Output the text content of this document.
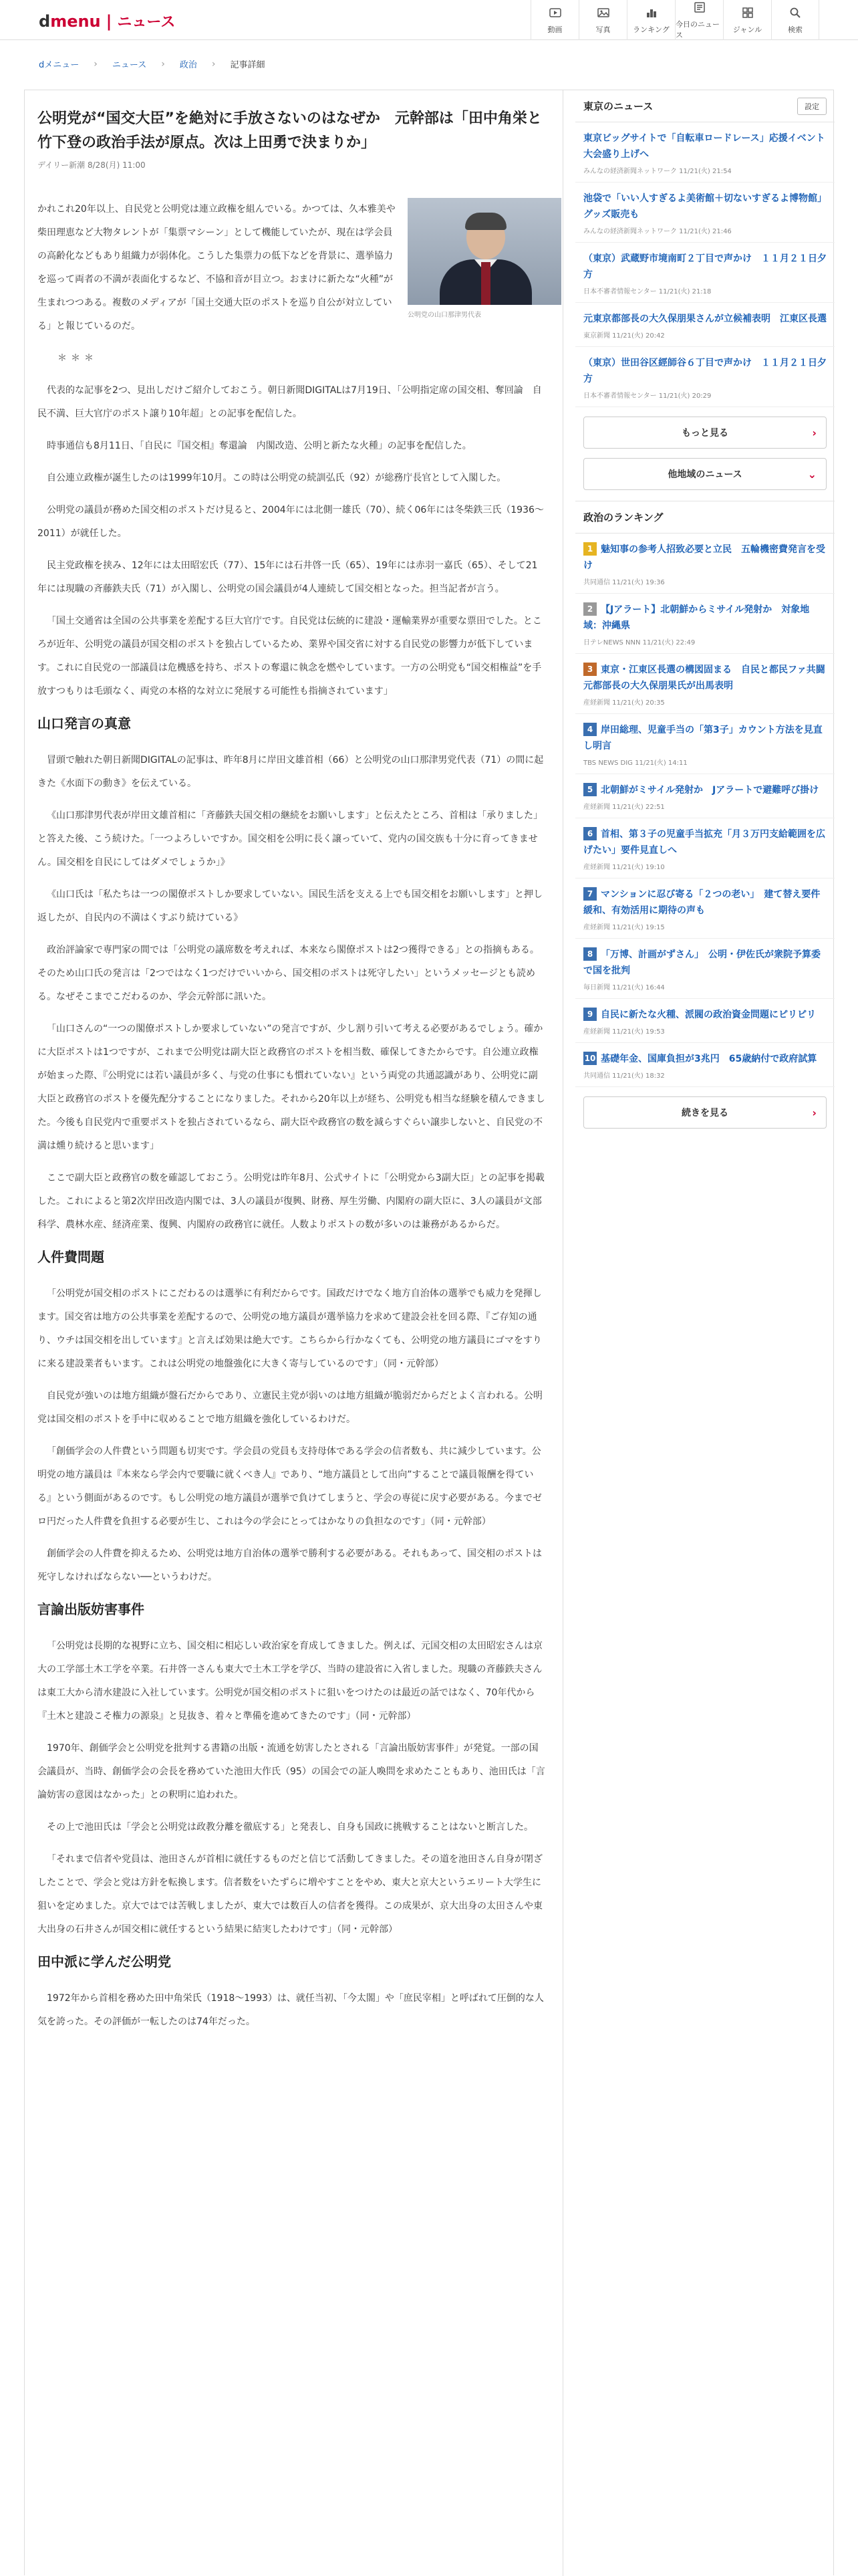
dmenu | ニュース	動画	写真	ランキング
今日のニュース
ジャンル	検索
dメニュー › ニュース › 政治 › 記事詳細
東京のニュース	設定
東京ビッグサイトで「自転車ロードレース」応援イベント　大会盛り上げへ
みんなの経済新聞ネットワーク 11/21(火) 21:54
池袋で「いい人すぎるよ美術館＋切ないすぎるよ博物館」　グッズ販売も
みんなの経済新聞ネットワーク 11/21(火) 21:46
（東京）武蔵野市境南町２丁目で声かけ　１１月２１日夕方
日本不審者情報センター 11/21(火) 21:18
元東京都部長の大久保朋果さんが立候補表明　江東区長選
東京新聞 11/21(火) 20:42
（東京）世田谷区經師谷６丁目で声かけ　１１月２１日夕方
日本不審者情報センター 11/21(火) 20:29
もっと見る	›
他地域のニュース	⌄
政治のランキング
1 魅知事の参考人招致必要と立民　五輪機密費発言を受け
共同通信 11/21(火) 19:36
2 【Jアラート】北朝鮮からミサイル発射か　対象地域：沖縄県
日テレNEWS NNN 11/21(火) 22:49
3 東京・江東区長選の構図固まる　自民と都民ファ共闘　元都部長の大久保朋果氏が出馬表明
産経新聞 11/21(火) 20:35
4 岸田総理、児童手当の「第3子」カウント方法を見直し明言
TBS NEWS DIG 11/21(火) 14:11
5 北朝鮮がミサイル発射か　Jアラートで避難呼び掛け
産経新聞 11/21(火) 22:51
6 首相、第３子の児童手当拡充「月３万円支給範囲を広げたい」要件見直しへ
産経新聞 11/21(火) 19:10
7 マンションに忍び寄る「２つの老い」　建て替え要件緩和、有効活用に期待の声も
産経新聞 11/21(火) 19:15
8 「万博、計画がずさん」　公明・伊佐氏が衆院予算委で国を批判
毎日新聞 11/21(火) 16:44
9 自民に新たな火種、派閥の政治資金問題にピリピリ
産経新聞 11/21(火) 19:53
10 基礎年金、国庫負担が3兆円　65歳納付で政府試算
共同通信 11/21(火) 18:32
続きを見る	›
公明党が“国交大臣”を絶対に手放さないのはなぜか　元幹部は「田中角栄と竹下登の政治手法が原点。次は上田勇で決まりか」
デイリー新潮 8/28(月) 11:00
公明党の山口那津男代表

かれこれ20年以上、自民党と公明党は連立政権を組んでいる。かつては、久本雅美や柴田理恵など大物タレントが「集票マシーン」として機能していたが、現在は学会員の高齢化などもあり組織力が弱体化。こうした集票力の低下などを背景に、選挙協力を巡って両者の不満が表面化するなど、不協和音が目立つ。おまけに新たな“火種”が生まれつつある。複数のメディアが「国土交通大臣のポストを巡り自公が対立している」と報じているのだ。

＊＊＊

代表的な記事を2つ、見出しだけご紹介しておこう。朝日新聞DIGITALは7月19日、「公明指定席の国交相、奪回論　自民不満、巨大官庁のポスト譲り10年超」との記事を配信した。

時事通信も8月11日、「自民に『国交相』奪還論　内閣改造、公明と新たな火種」の記事を配信した。

自公連立政権が誕生したのは1999年10月。この時は公明党の続訓弘氏（92）が総務庁長官として入閣した。

公明党の議員が務めた国交相のポストだけ見ると、2004年には北側一雄氏（70）、続く06年には冬柴鉄三氏（1936〜2011）が就任した。

民主党政権を挟み、12年には太田昭宏氏（77）、15年には石井啓一氏（65）、19年には赤羽一嘉氏（65）、そして21年には現職の斉藤鉄夫氏（71）が入閣し、公明党の国会議員が4人連続して国交相となった。担当記者が言う。

「国土交通省は全国の公共事業を差配する巨大官庁です。自民党は伝統的に建設・運輸業界が重要な票田でした。ところが近年、公明党の議員が国交相のポストを独占しているため、業界や国交省に対する自民党の影響力が低下しています。これに自民党の一部議員は危機感を持ち、ポストの奪還に執念を燃やしています。一方の公明党も“国交相権益”を手放すつもりは毛頭なく、両党の本格的な対立に発展する可能性も指摘されています」

山口発言の真意

冒頭で触れた朝日新聞DIGITALの記事は、昨年8月に岸田文雄首相（66）と公明党の山口那津男党代表（71）の間に起きた《水面下の動き》を伝えている。

《山口那津男代表が岸田文雄首相に「斉藤鉄夫国交相の継続をお願いします」と伝えたところ、首相は「承りました」と答えた後、こう続けた。「一つよろしいですか。国交相を公明に長く譲っていて、党内の国交族も十分に育ってきません。国交相を自民にしてはダメでしょうか」》

《山口氏は「私たちは一つの閣僚ポストしか要求していない。国民生活を支える上でも国交相をお願いします」と押し返したが、自民内の不満はくすぶり続けている》

政治評論家で専門家の間では「公明党の議席数を考えれば、本来なら閣僚ポストは2つ獲得できる」との指摘もある。そのため山口氏の発言は「2つではなく1つだけでいいから、国交相のポストは死守したい」というメッセージとも読める。なぜそこまでこだわるのか、学会元幹部に訊いた。

「山口さんの“一つの閣僚ポストしか要求していない”の発言ですが、少し割り引いて考える必要があるでしょう。確かに大臣ポストは1つですが、これまで公明党は副大臣と政務官のポストを相当数、確保してきたからです。自公連立政権が始まった際、『公明党には若い議員が多く、与党の仕事にも慣れていない』という両党の共通認識があり、公明党に副大臣と政務官のポストを優先配分することになりました。それから20年以上が経ち、公明党も相当な経験を積んできました。今後も自民党内で重要ポストを独占されているなら、副大臣や政務官の数を減らすぐらい譲歩しないと、自民党の不満は燻り続けると思います」

ここで副大臣と政務官の数を確認しておこう。公明党は昨年8月、公式サイトに「公明党から3副大臣」との記事を掲載した。これによると第2次岸田改造内閣では、3人の議員が復興、財務、厚生労働、内閣府の副大臣に、3人の議員が文部科学、農林水産、経済産業、復興、内閣府の政務官に就任。人数よりポストの数が多いのは兼務があるからだ。

人件費問題

「公明党が国交相のポストにこだわるのは選挙に有利だからです。国政だけでなく地方自治体の選挙でも威力を発揮します。国交省は地方の公共事業を差配するので、公明党の地方議員が選挙協力を求めて建設会社を回る際、『ご存知の通り、ウチは国交相を出しています』と言えば効果は絶大です。こちらから行かなくても、公明党の地方議員にゴマをすりに来る建設業者もいます。これは公明党の地盤強化に大きく寄与しているのです」（同・元幹部）

自民党が強いのは地方組織が盤石だからであり、立憲民主党が弱いのは地方組織が脆弱だからだとよく言われる。公明党は国交相のポストを手中に収めることで地方組織を強化しているわけだ。

「創価学会の人件費という問題も切実です。学会員の党員も支持母体である学会の信者数も、共に減少しています。公明党の地方議員は『本来なら学会内で要職に就くべき人』であり、“地方議員として出向”することで議員報酬を得ている』という側面があるのです。もし公明党の地方議員が選挙で負けてしまうと、学会の専従に戻す必要がある。今までゼロ円だった人件費を負担する必要が生じ、これは今の学会にとってはかなりの負担なのです」（同・元幹部）

創価学会の人件費を抑えるため、公明党は地方自治体の選挙で勝利する必要がある。それもあって、国交相のポストは死守しなければならない──というわけだ。

言論出版妨害事件

「公明党は長期的な視野に立ち、国交相に相応しい政治家を育成してきました。例えば、元国交相の太田昭宏さんは京大の工学部土木工学を卒業。石井啓一さんも東大で土木工学を学び、当時の建設省に入省しました。現職の斉藤鉄夫さんは東工大から清水建設に入社しています。公明党が国交相のポストに狙いをつけたのは最近の話ではなく、70年代から『土木と建設こそ権力の源泉』と見抜き、着々と準備を進めてきたのです」（同・元幹部）

1970年、創価学会と公明党を批判する書籍の出版・流通を妨害したとされる「言論出版妨害事件」が発覚。一部の国会議員が、当時、創価学会の会長を務めていた池田大作氏（95）の国会での証人喚問を求めたこともあり、池田氏は「言論妨害の意図はなかった」との釈明に追われた。

その上で池田氏は「学会と公明党は政教分離を徹底する」と発表し、自身も国政に挑戦することはないと断言した。

「それまで信者や党員は、池田さんが首相に就任するものだと信じて活動してきました。その道を池田さん自身が閉ざしたことで、学会と党は方針を転換します。信者数をいたずらに増やすことをやめ、東大と京大というエリート大学生に狙いを定めました。京大ではでは苦戦しましたが、東大では数百人の信者を獲得。この成果が、京大出身の太田さんや東大出身の石井さんが国交相に就任するという結果に結実したわけです」（同・元幹部）

田中派に学んだ公明党

1972年から首相を務めた田中角栄氏（1918〜1993）は、就任当初、「今太閤」や「庶民宰相」と呼ばれて圧倒的な人気を誇った。その評価が一転したのは74年だった。
